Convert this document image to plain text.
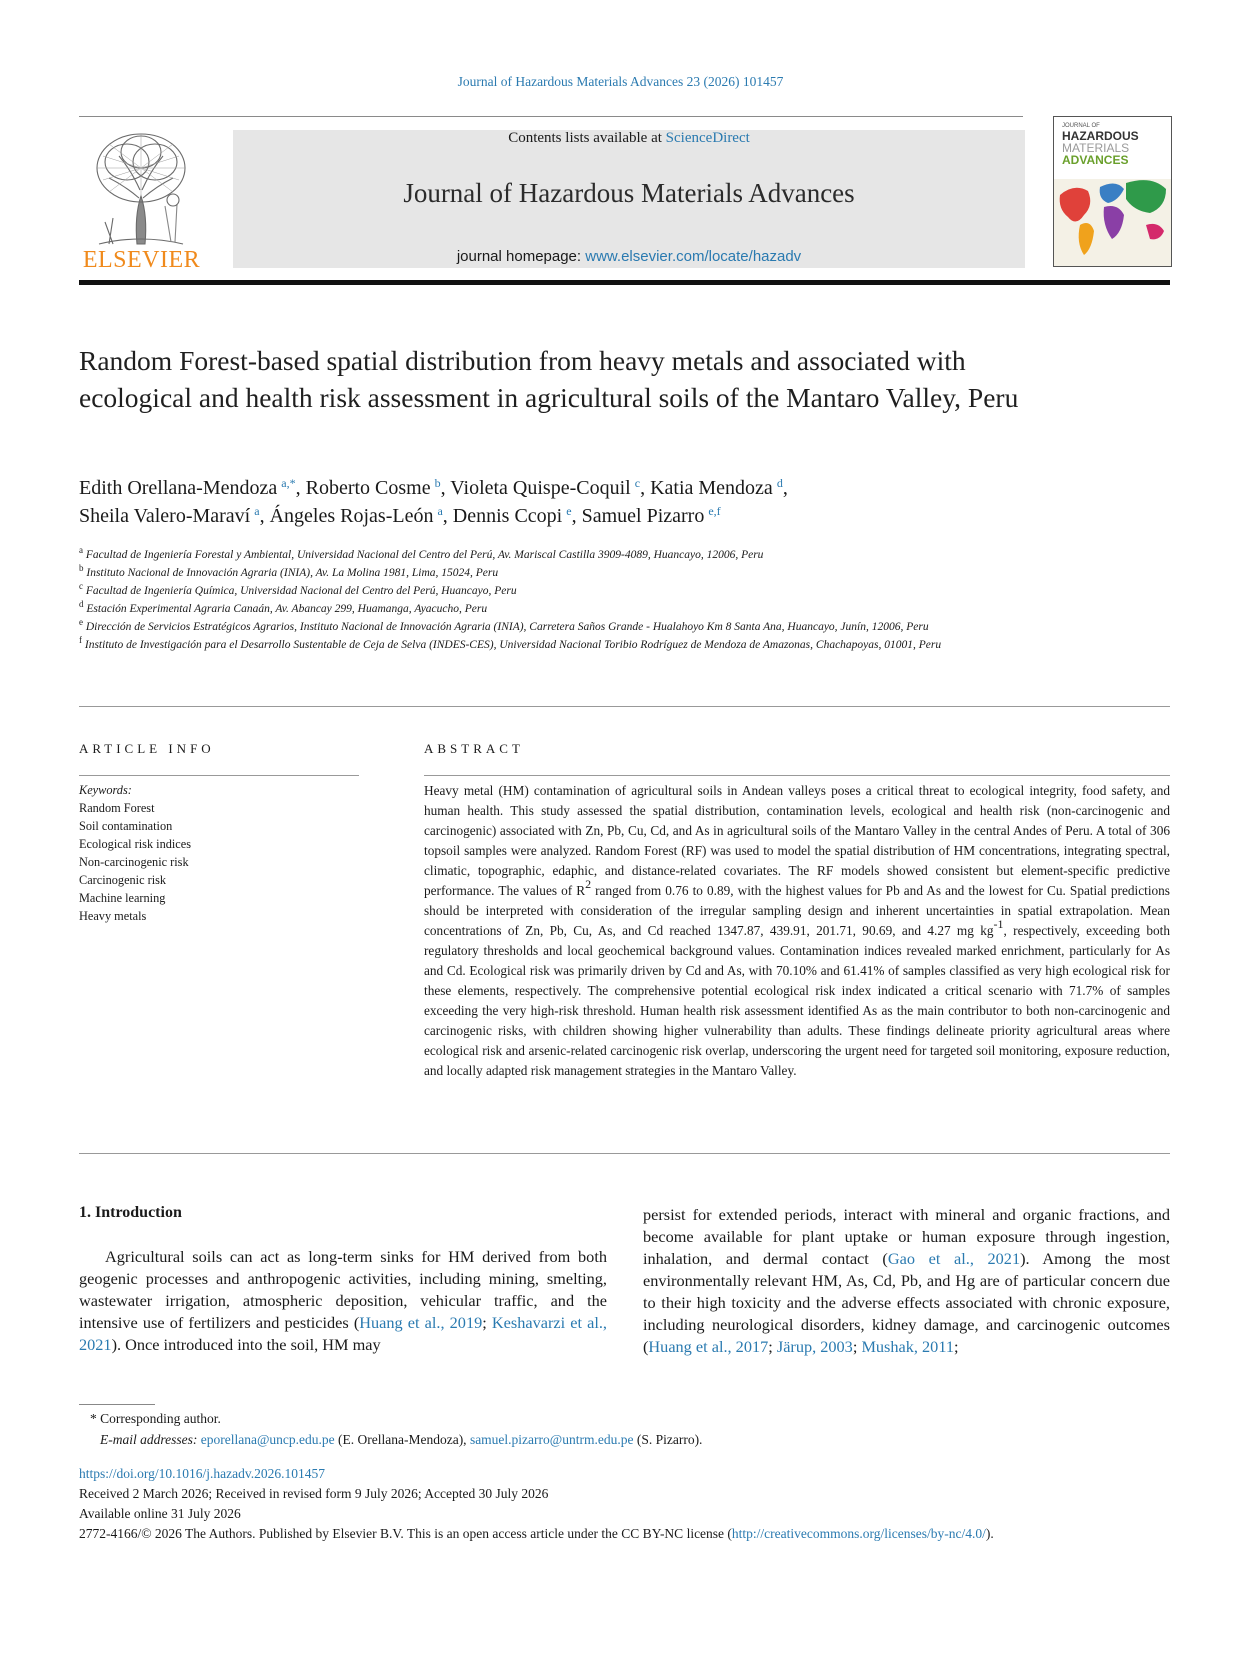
Journal of Hazardous Materials Advances 23 (2026) 101457
ELSEVIER
Contents lists available at ScienceDirect
Journal of Hazardous Materials Advances
journal homepage: www.elsevier.com/locate/hazadv
JOURNAL OF
HAZARDOUS
MATERIALS
ADVANCES
Random Forest-based spatial distribution from heavy metals and associated with ecological and health risk assessment in agricultural soils of the Mantaro Valley, Peru
Edith Orellana-Mendoza  $^{a,*}$, Roberto Cosme  $^b$, Violeta Quispe-Coquil  $^c$, Katia Mendoza  $^d$,
Sheila Valero-Maraví  $^a$, Ángeles Rojas-León  $^a$, Dennis Ccopi  $^e$, Samuel Pizarro  $^{e,f}$
$^a$ Facultad de Ingeniería Forestal y Ambiental, Universidad Nacional del Centro del Perú, Av. Mariscal Castilla 3909-4089, Huancayo, 12006, Peru
$^b$ Instituto Nacional de Innovación Agraria (INIA), Av. La Molina 1981, Lima, 15024, Peru
$^c$ Facultad de Ingeniería Química, Universidad Nacional del Centro del Perú, Huancayo, Peru
$^d$ Estación Experimental Agraria Canaán, Av. Abancay 299, Huamanga, Ayacucho, Peru
$^e$ Dirección de Servicios Estratégicos Agrarios, Instituto Nacional de Innovación Agraria (INIA), Carretera Saños Grande - Hualahoyo Km 8 Santa Ana, Huancayo, Junín, 12006, Peru
$^f$ Instituto de Investigación para el Desarrollo Sustentable de Ceja de Selva (INDES-CES), Universidad Nacional Toribio Rodríguez de Mendoza de Amazonas, Chachapoyas, 01001, Peru
ARTICLE INFO
Keywords:
Random Forest
Soil contamination
Ecological risk indices
Non-carcinogenic risk
Carcinogenic risk
Machine learning
Heavy metals
ABSTRACT
Heavy metal (HM) contamination of agricultural soils in Andean valleys poses a critical threat to ecological integrity, food safety, and human health. This study assessed the spatial distribution, contamination levels, ecological and health risk (non-carcinogenic and carcinogenic) associated with Zn, Pb, Cu, Cd, and As in agricultural soils of the Mantaro Valley in the central Andes of Peru. A total of 306 topsoil samples were analyzed. Random Forest (RF) was used to model the spatial distribution of HM concentrations, integrating spectral, climatic, topographic, edaphic, and distance-related covariates. The RF models showed consistent but element-specific predictive performance. The values of $R^2$ ranged from 0.76 to 0.89, with the highest values for Pb and As and the lowest for Cu. Spatial predictions should be interpreted with consideration of the irregular sampling design and inherent uncertainties in spatial extrapolation. Mean concentrations of Zn, Pb, Cu, As, and Cd reached 1347.87, 439.91, 201.71, 90.69, and 4.27 mg $kg^{-1}$, respectively, exceeding both regulatory thresholds and local geochemical background values. Contamination indices revealed marked enrichment, particularly for As and Cd. Ecological risk was primarily driven by Cd and As, with 70.10% and 61.41% of samples classified as very high ecological risk for these elements, respectively. The comprehensive potential ecological risk index indicated a critical scenario with 71.7% of samples exceeding the very high-risk threshold. Human health risk assessment identified As as the main contributor to both non-carcinogenic and carcinogenic risks, with children showing higher vulnerability than adults. These findings delineate priority agricultural areas where ecological risk and arsenic-related carcinogenic risk overlap, underscoring the urgent need for targeted soil monitoring, exposure reduction, and locally adapted risk management strategies in the Mantaro Valley.
1. Introduction
Agricultural soils can act as long-term sinks for HM derived from both geogenic processes and anthropogenic activities, including mining, smelting, wastewater irrigation, atmospheric deposition, vehicular traffic, and the intensive use of fertilizers and pesticides (Huang et al., 2019; Keshavarzi et al., 2021). Once introduced into the soil, HM may
persist for extended periods, interact with mineral and organic fractions, and become available for plant uptake or human exposure through ingestion, inhalation, and dermal contact (Gao et al., 2021). Among the most environmentally relevant HM, As, Cd, Pb, and Hg are of particular concern due to their high toxicity and the adverse effects associated with chronic exposure, including neurological disorders, kidney damage, and carcinogenic outcomes (Huang et al., 2017; Järup, 2003; Mushak, 2011;
* Corresponding author.
E-mail addresses: eporellana@uncp.edu.pe (E. Orellana-Mendoza), samuel.pizarro@untrm.edu.pe (S. Pizarro).
https://doi.org/10.1016/j.hazadv.2026.101457
Received 2 March 2026; Received in revised form 9 July 2026; Accepted 30 July 2026
Available online 31 July 2026
2772-4166/© 2026 The Authors. Published by Elsevier B.V. This is an open access article under the CC BY-NC license (http://creativecommons.org/licenses/by-nc/4.0/).
